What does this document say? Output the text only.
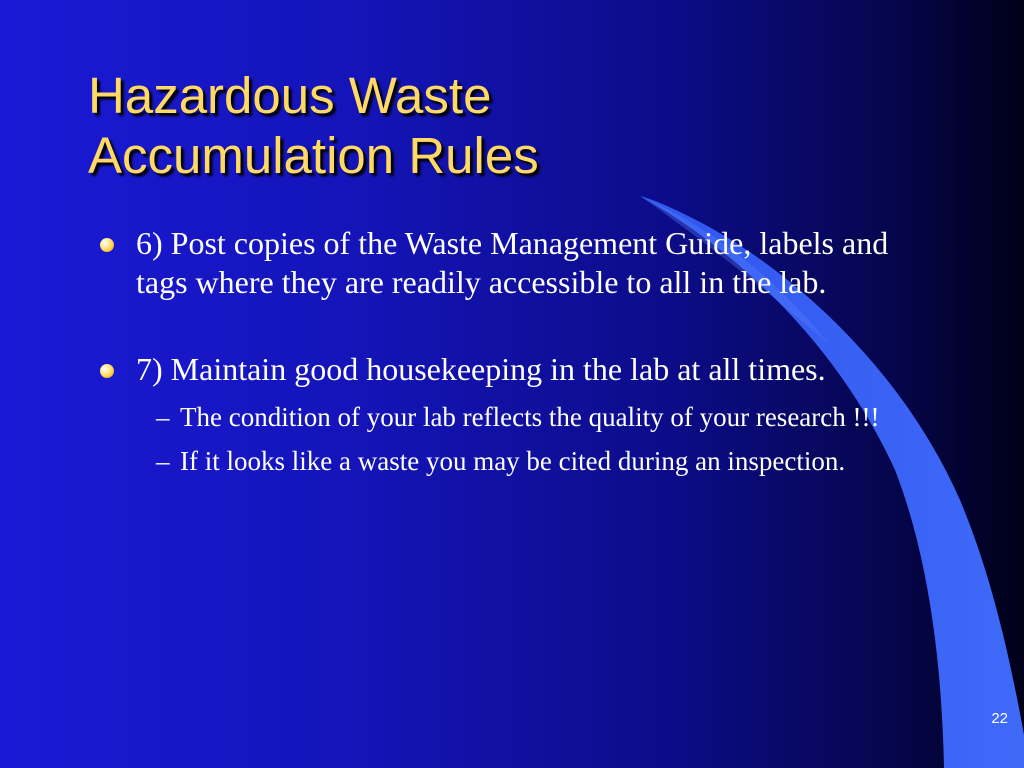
Hazardous Waste
Accumulation Rules
6) Post copies of the Waste Management Guide, labels and tags where they are readily accessible to all in the lab.
7) Maintain good housekeeping in the lab at all times.
– The condition of your lab reflects the quality of your research !!!
– If it looks like a waste you may be cited during an inspection.
22
